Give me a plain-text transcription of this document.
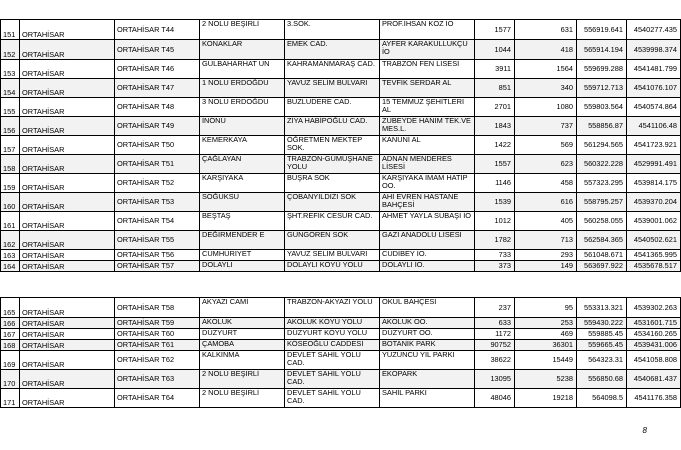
151	ORTAHİSAR	ORTAHİSAR T44	2 NOLU BEŞİRLİ	3.SOK.	PROF.İHSAN KOZ İO	1577	631	556919.641	4540277.435
152	ORTAHİSAR	ORTAHİSAR T45	KONAKLAR	EMEK CAD.	AYFER KARAKULLUKÇU İO	1044	418	565914.194	4539998.374
153	ORTAHİSAR	ORTAHİSAR T46	GÜLBAHARHAT UN	KAHRAMANMARAŞ CAD.	TRABZON FEN LİSESİ	3911	1564	559699.288	4541481.799
154	ORTAHİSAR	ORTAHİSAR T47	1 NOLU ERDOĞDU	YAVUZ SELİM BULVARI	TEVFİK SERDAR AL	851	340	559712.713	4541076.107
155	ORTAHİSAR	ORTAHİSAR T48	3 NOLU ERDOĞDU	BUZLUDERE CAD.	15 TEMMUZ ŞEHİTLERİ AL	2701	1080	559803.564	4540574.864
156	ORTAHİSAR	ORTAHİSAR T49	İNÖNÜ	ZİYA HABİPOĞLU CAD.	ZÜBEYDE HANIM TEK.VE MES.L.	1843	737	558856.87	4541106.48
157	ORTAHİSAR	ORTAHİSAR T50	KEMERKAYA	ÖĞRETMEN MEKTEP SOK.	KANUNİ AL	1422	569	561294.565	4541723.921
158	ORTAHİSAR	ORTAHİSAR T51	ÇAĞLAYAN	TRABZON-GÜMÜŞHANE YOLU	ADNAN MENDERES LİSESİ	1557	623	560322.228	4529991.491
159	ORTAHİSAR	ORTAHİSAR T52	KARŞIYAKA	BÜŞRA SOK	KARŞIYAKA İMAM HATİP OO.	1146	458	557323.295	4539814.175
160	ORTAHİSAR	ORTAHİSAR T53	SOĞUKSU	ÇOBANYILDIZI SOK	AHİ EVREN HASTANE BAHÇESİ	1539	616	558795.257	4539370.204
161	ORTAHİSAR	ORTAHİSAR T54	BEŞTAŞ	ŞHT.REFİK CESUR CAD.	AHMET YAYLA SUBAŞI İO	1012	405	560258.055	4539001.062
162	ORTAHİSAR	ORTAHİSAR T55	DEĞİRMENDER E	GÜNGÖREN SOK	GAZİ ANADOLU LİSESİ	1782	713	562584.365	4540502.621
163	ORTAHİSAR	ORTAHİSAR T56	CUMHURİYET	YAVUZ SELİM BULVARI	CUDİBEY İO.	733	293	561048.671	4541365.995
164	ORTAHİSAR	ORTAHİSAR T57	DOLAYLI	DOLAYLI KÖYÜ YOLU	DOLAYLI İO.	373	149	563697.922	4535678.517
165	ORTAHİSAR	ORTAHİSAR T58	AKYAZI CAMİ	TRABZON-AKYAZI YOLU	OKUL BAHÇESİ	237	95	553313.321	4539302.263
166	ORTAHİSAR	ORTAHİSAR T59	AKOLUK	AKOLUK KÖYÜ YOLU	AKOLUK OO.	633	253	559430.222	4531601.715
167	ORTAHİSAR	ORTAHİSAR T60	DÜZYURT	DÜZYURT KÖYÜ YOLU	DÜZYURT OO.	1172	469	559885.45	4534160.265
168	ORTAHİSAR	ORTAHİSAR T61	ÇAMOBA	KÖSEOĞLU CADDESİ	BOTANİK PARK	90752	36301	559665.45	4539431.006
169	ORTAHİSAR	ORTAHİSAR T62	KALKINMA	DEVLET SAHİL YOLU CAD.	YÜZÜNCÜ YIL PARKI	38622	15449	564323.31	4541058.808
170	ORTAHİSAR	ORTAHİSAR T63	2 NOLU BEŞİRLİ	DEVLET SAHİL YOLU CAD.	EKOPARK	13095	5238	556850.68	4540681.437
171	ORTAHİSAR	ORTAHİSAR T64	2 NOLU BEŞİRLİ	DEVLET SAHİL YOLU CAD.	SAHİL PARKI	48046	19218	564098.5	4541176.358
8
